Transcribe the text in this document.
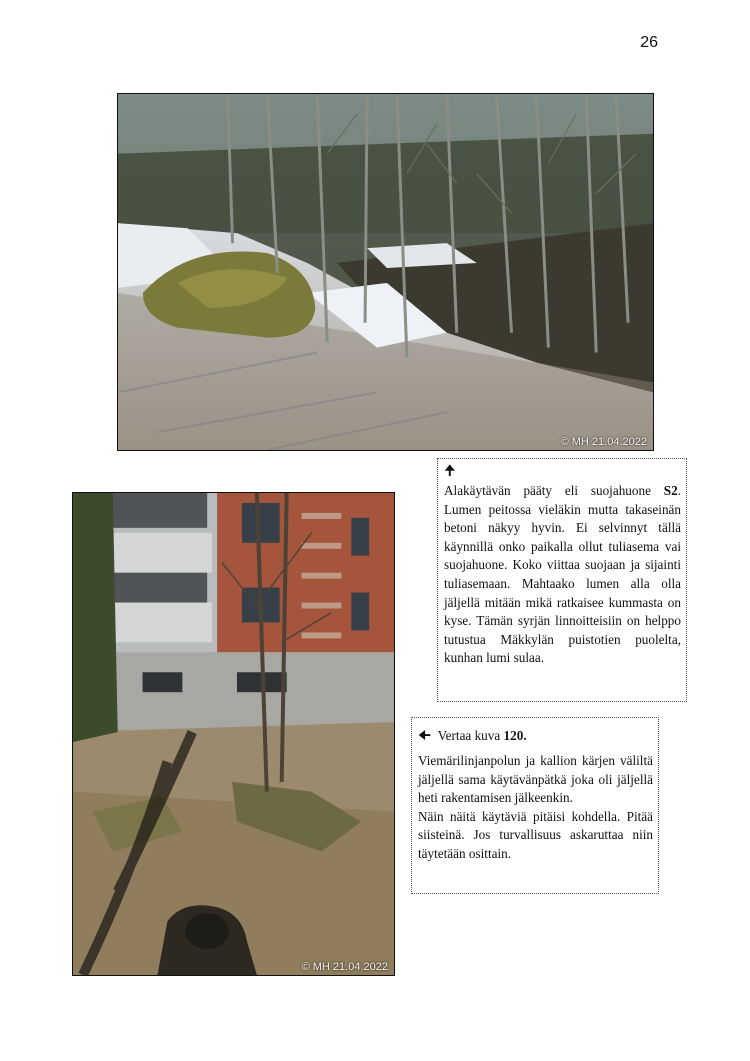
26
© MH 21.04.2022
© MH 21.04.2022
🠉

Alakäytävän pääty eli suojahuone S2. Lumen peitossa vieläkin mutta takaseinän betoni näkyy hyvin. Ei selvinnyt tällä käynnillä onko paikalla ollut tuliasema vai suojahuone. Koko viittaa suojaan ja sijainti tuliasemaan. Mahtaako lumen alla olla jäljellä mitään mikä ratkaisee kummasta on kyse. Tämän syrjän linnoitteisiin on helppo tutustua Mäkkylän puistotien puolelta, kunhan lumi sulaa.

🠈 Vertaa kuva 120.

Viemärilinjanpolun ja kallion kärjen väliltä jäljellä sama käytävänpätkä joka oli jäljellä heti rakentamisen jälkeenkin.

Näin näitä käytäviä pitäisi kohdella. Pitää siisteinä. Jos turvallisuus askaruttaa niin täytetään osittain.
